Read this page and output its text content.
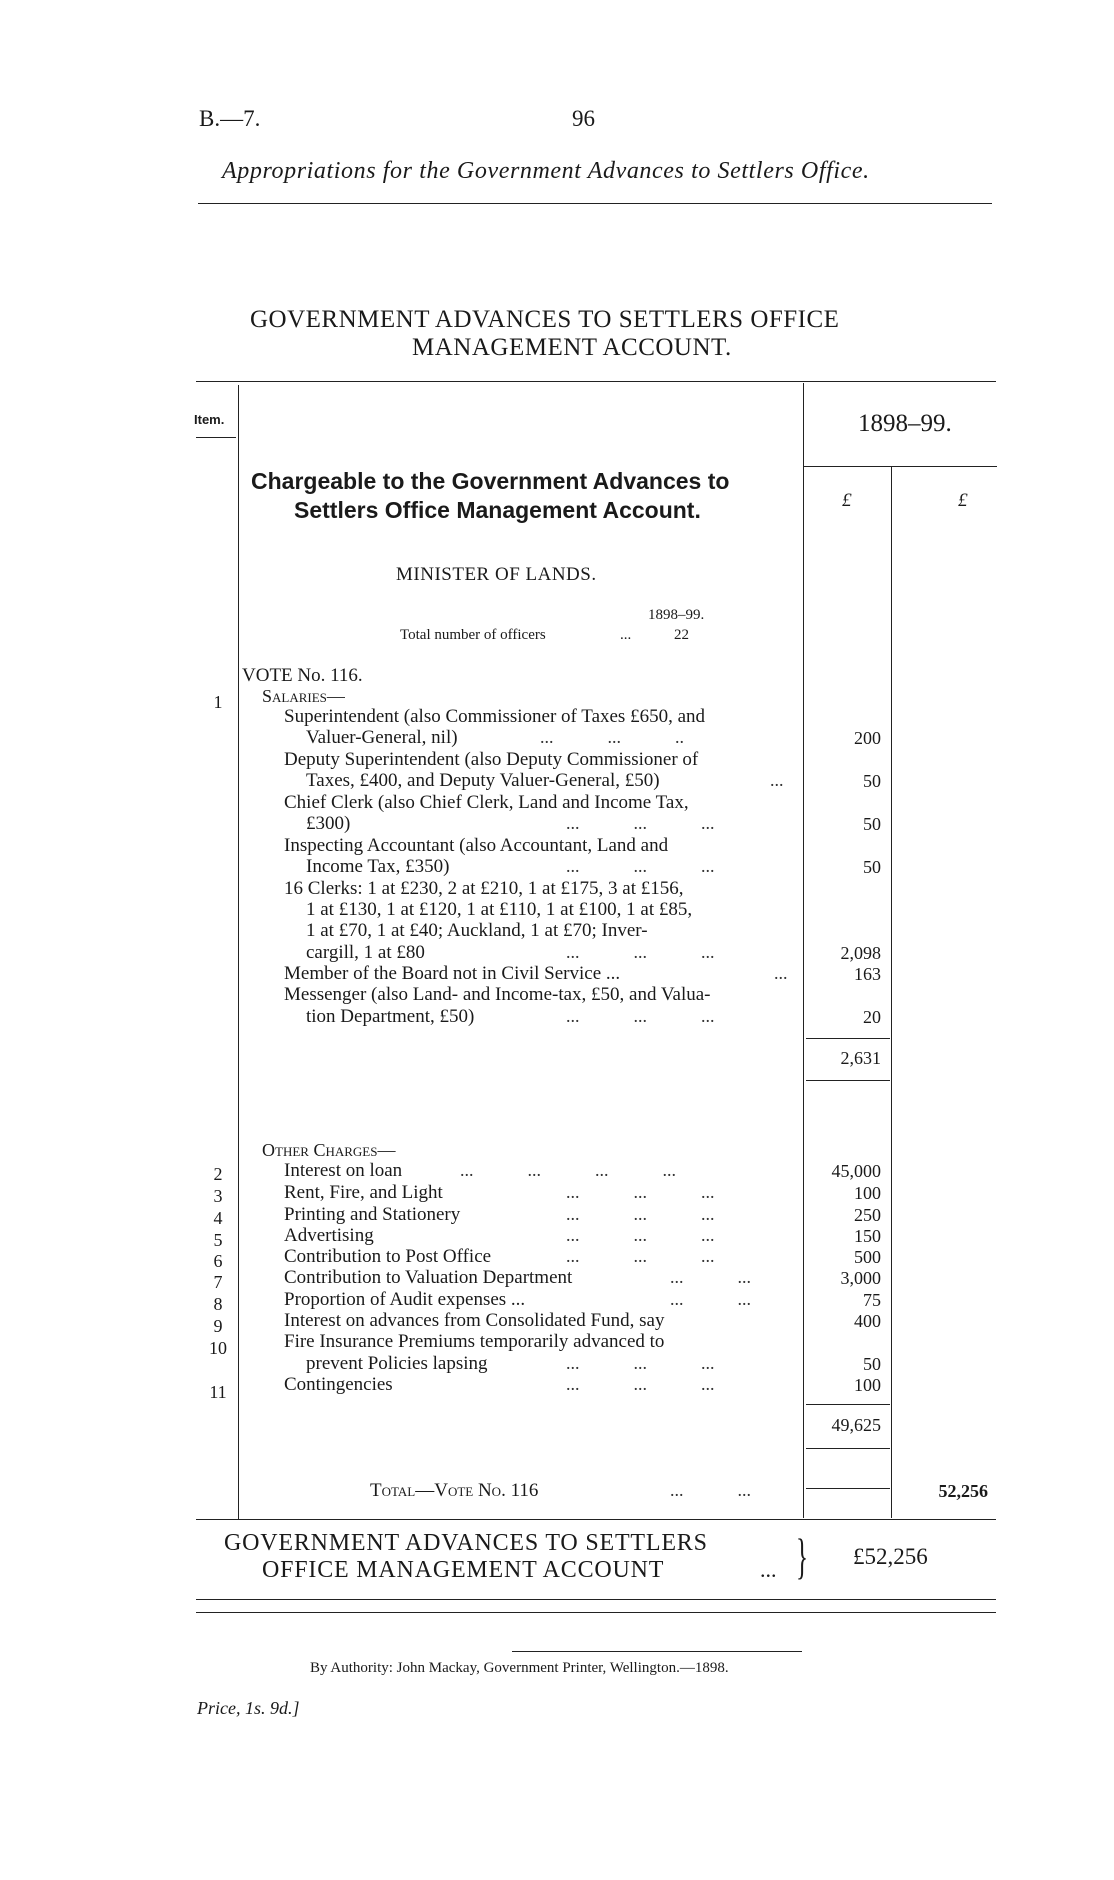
B.—7.	96
Appropriations for the Government Advances to Settlers Office.
GOVERNMENT ADVANCES TO SETTLERS OFFICE
MANAGEMENT ACCOUNT.
Item.	1898–99.
£	£
Chargeable to the Government Advances to
Settlers Office Management Account.
MINISTER OF LANDS.
1898–99.
Total number of officers	...	22
VOTE No. 116.
1	Salaries—
Superintendent (also Commissioner of Taxes £650, and
Valuer-General, nil)	...            ...            ..	200
Deputy Superintendent (also Deputy Commissioner of
Taxes, £400, and Deputy Valuer-General, £50)	...	50
Chief Clerk (also Chief Clerk, Land and Income Tax,
£300)	...            ...            ...	50
Inspecting Accountant (also Accountant, Land and
Income Tax, £350)	...            ...            ...	50
16 Clerks: 1 at £230, 2 at £210, 1 at £175, 3 at £156,
1 at £130, 1 at £120, 1 at £110, 1 at £100, 1 at £85,
1 at £70, 1 at £40; Auckland, 1 at £70; Inver-
cargill, 1 at £80	...            ...            ...	2,098
Member of the Board not in Civil Service ...	...	163
Messenger (also Land- and Income-tax, £50, and Valua-
tion Department, £50)	...            ...            ...	20
2,631
Other Charges—
2	Interest on loan	...            ...            ...            ...	45,000
3	Rent, Fire, and Light	...            ...            ...	100
4	Printing and Stationery	...            ...            ...	250
5	Advertising	...            ...            ...	150
6	Contribution to Post Office	...            ...            ...	500
7	Contribution to Valuation Department	...            ...	3,000
8	Proportion of Audit expenses ...	...            ...	75
9	Interest on advances from Consolidated Fund, say	400
10	Fire Insurance Premiums temporarily advanced to
prevent Policies lapsing	...            ...            ...	50
11	Contingencies	...            ...            ...	100
49,625
Total—Vote No. 116	...            ...	52,256
GOVERNMENT ADVANCES TO SETTLERS
OFFICE MANAGEMENT ACCOUNT	... } £52,256
By Authority: John Mackay, Government Printer, Wellington.—1898.
Price, 1s. 9d.]
